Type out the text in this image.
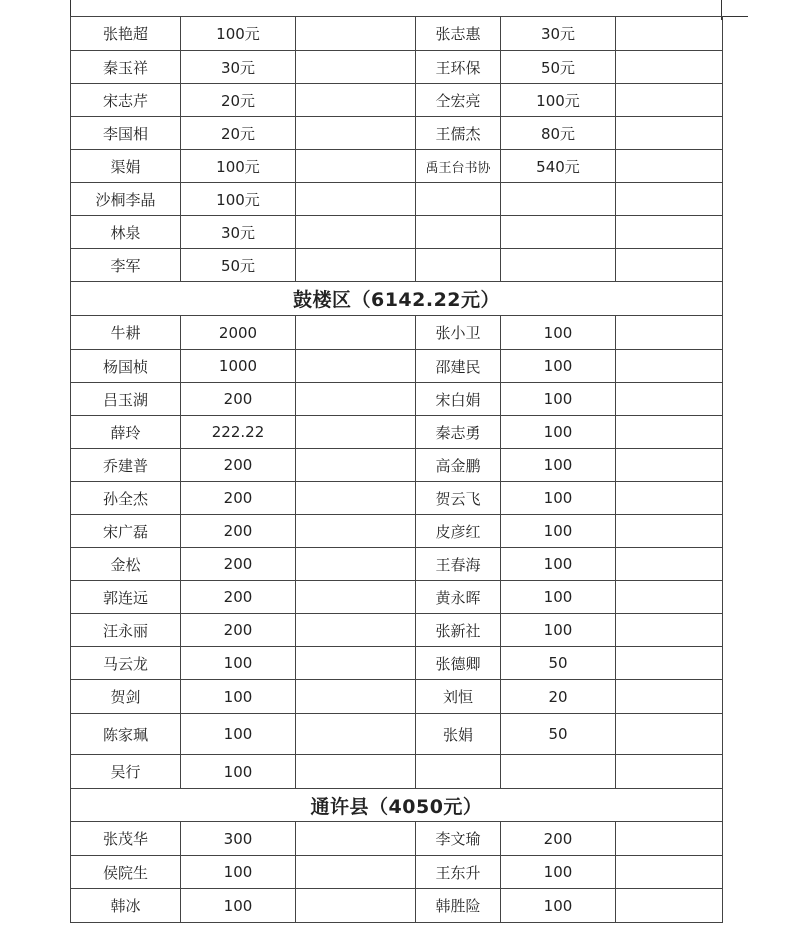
张艳超	100元		张志惠	30元	
秦玉祥	30元		王环保	50元	
宋志芹	20元		仝宏亮	100元	
李国相	20元		王儒杰	80元	
渠娟	100元		禹王台书协	540元	
沙桐李晶	100元				
林泉	30元				
李军	50元				
鼓楼区（6142.22元）					
牛耕	2000		张小卫	100	
杨国桢	1000		邵建民	100	
吕玉湖	200		宋白娟	100	
薛玲	222.22		秦志勇	100	
乔建普	200		高金鹏	100	
孙全杰	200		贺云飞	100	
宋广磊	200		皮彦红	100	
金松	200		王春海	100	
郭连远	200		黄永晖	100	
汪永丽	200		张新社	100	
马云龙	100		张德卿	50	
贺剑	100		刘恒	20	
陈家珮	100		张娟	50	
吴行	100				
通许县（4050元）					
张茂华	300		李文瑜	200	
侯院生	100		王东升	100	
韩冰	100		韩胜险	100	
